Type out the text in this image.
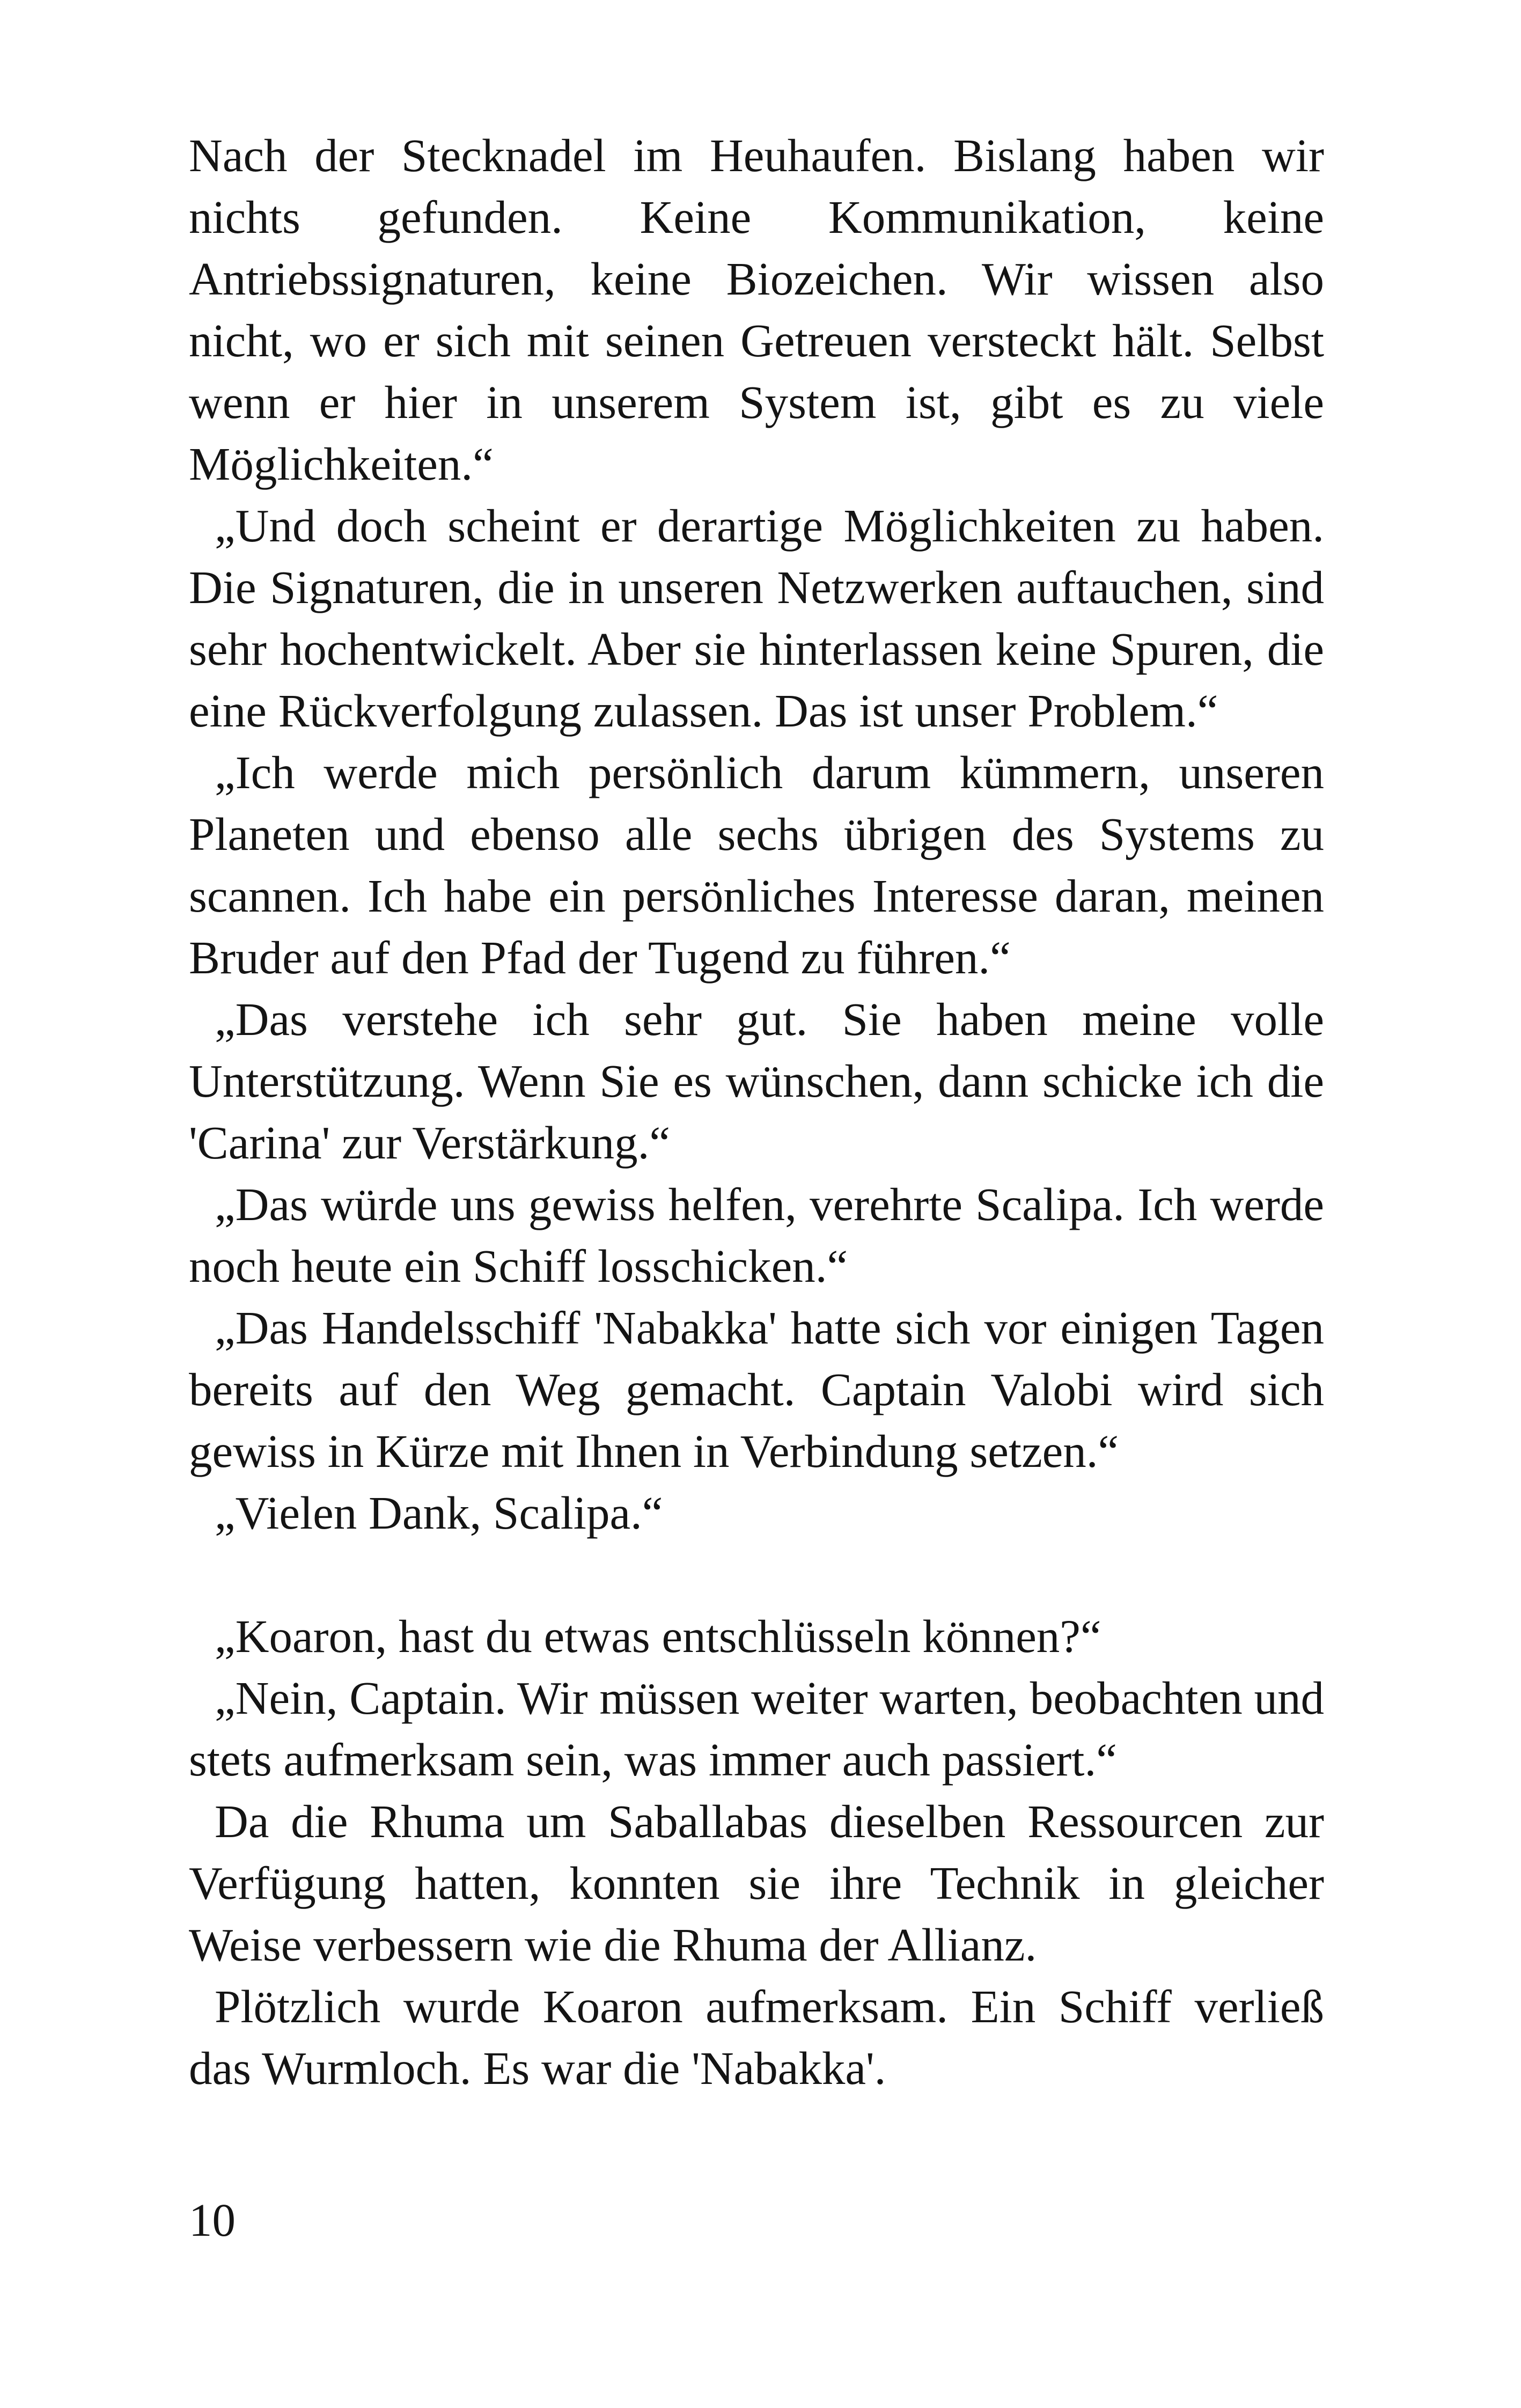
Nach der Stecknadel im Heuhaufen. Bislang haben wir nichts gefunden. Keine Kommunikation, keine Antriebssignaturen, keine Biozeichen. Wir wissen also nicht, wo er sich mit seinen Getreuen versteckt hält. Selbst wenn er hier in unserem System ist, gibt es zu viele Möglichkeiten.“

„Und doch scheint er derartige Möglichkeiten zu haben. Die Signaturen, die in unseren Netzwerken auftauchen, sind sehr hochentwickelt. Aber sie hinterlassen keine Spuren, die eine Rückverfolgung zulassen. Das ist unser Problem.“

„Ich werde mich persönlich darum kümmern, unseren Planeten und ebenso alle sechs übrigen des Systems zu scannen. Ich habe ein persönliches Interesse daran, meinen Bruder auf den Pfad der Tugend zu führen.“

„Das verstehe ich sehr gut. Sie haben meine volle Unterstützung. Wenn Sie es wünschen, dann schicke ich die 'Carina' zur Verstärkung.“

„Das würde uns gewiss helfen, verehrte Scalipa. Ich werde noch heute ein Schiff losschicken.“

„Das Handelsschiff 'Nabakka' hatte sich vor einigen Tagen bereits auf den Weg gemacht. Captain Valobi wird sich gewiss in Kürze mit Ihnen in Verbindung setzen.“

„Vielen Dank, Scalipa.“

„Koaron, hast du etwas entschlüsseln können?“

„Nein, Captain. Wir müssen weiter warten, beobachten und stets aufmerksam sein, was immer auch passiert.“

Da die Rhuma um Saballabas dieselben Ressourcen zur Verfügung hatten, konnten sie ihre Technik in gleicher Weise verbessern wie die Rhuma der Allianz.

Plötzlich wurde Koaron aufmerksam. Ein Schiff verließ das Wurmloch. Es war die 'Nabakka'.

10
